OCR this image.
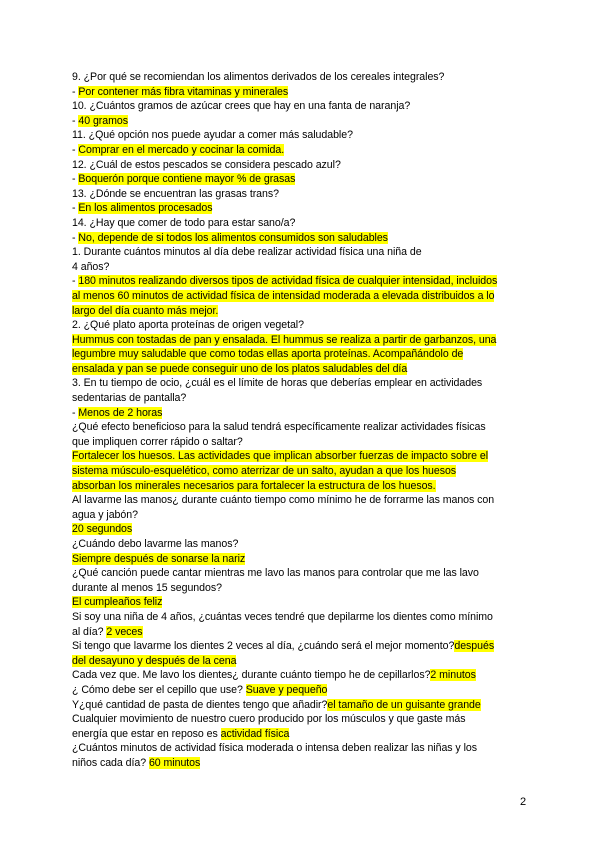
9. ¿Por qué se recomiendan los alimentos derivados de los cereales integrales?
- Por contener más fibra vitaminas y minerales
10. ¿Cuántos gramos de azúcar crees que hay en una fanta de naranja?
- 40 gramos
11. ¿Qué opción nos puede ayudar a comer más saludable?
- Comprar en el mercado y cocinar la comida.
12. ¿Cuál de estos pescados se considera pescado azul?
- Boquerón porque contiene mayor % de grasas
13. ¿Dónde se encuentran las grasas trans?
- En los alimentos procesados
14. ¿Hay que comer de todo para estar sano/a?
- No, depende de si todos los alimentos consumidos son saludables
1. Durante cuántos minutos al día debe realizar actividad física una niña de
4 años?
- 180 minutos realizando diversos tipos de actividad física de cualquier intensidad, incluidos
al menos 60 minutos de actividad física de intensidad moderada a elevada distribuidos a lo
largo del día cuanto más mejor.
2. ¿Qué plato aporta proteínas de origen vegetal?
Hummus con tostadas de pan y ensalada. El hummus se realiza a partir de garbanzos, una
legumbre muy saludable que como todas ellas aporta proteínas. Acompañándolo de
ensalada y pan se puede conseguir uno de los platos saludables del día
3. En tu tiempo de ocio, ¿cuál es el límite de horas que deberías emplear en actividades
sedentarias de pantalla?
- Menos de 2 horas
¿Qué efecto beneficioso para la salud tendrá específicamente realizar actividades físicas
que impliquen correr rápido o saltar?
Fortalecer los huesos. Las actividades que implican absorber fuerzas de impacto sobre el
sistema músculo-esquelético, como aterrizar de un salto, ayudan a que los huesos
absorban los minerales necesarios para fortalecer la estructura de los huesos.
Al lavarme las manos¿ durante cuánto tiempo como mínimo he de forrarme las manos con
agua y jabón?
20 segundos
¿Cuándo debo lavarme las manos?
Siempre después de sonarse la nariz
¿Qué canción puede cantar mientras me lavo las manos para controlar que me las lavo
durante al menos 15 segundos?
El cumpleaños feliz
Si soy una niña de 4 años, ¿cuántas veces tendré que depilarme los dientes como mínimo
al día? 2 veces
Si tengo que lavarme los dientes 2 veces al día, ¿cuándo será el mejor momento?después
del desayuno y después de la cena
Cada vez que. Me lavo los dientes¿ durante cuánto tiempo he de cepillarlos?2 minutos
¿ Cómo debe ser el cepillo que use? Suave y pequeño
Y¿qué cantidad de pasta de dientes tengo que añadir?el tamaño de un guisante grande
Cualquier movimiento de nuestro cuero producido por los músculos y que gaste más
energía que estar en reposo es actividad física
¿Cuántos minutos de actividad física moderada o intensa deben realizar las niñas y los
niños cada día? 60 minutos
2
